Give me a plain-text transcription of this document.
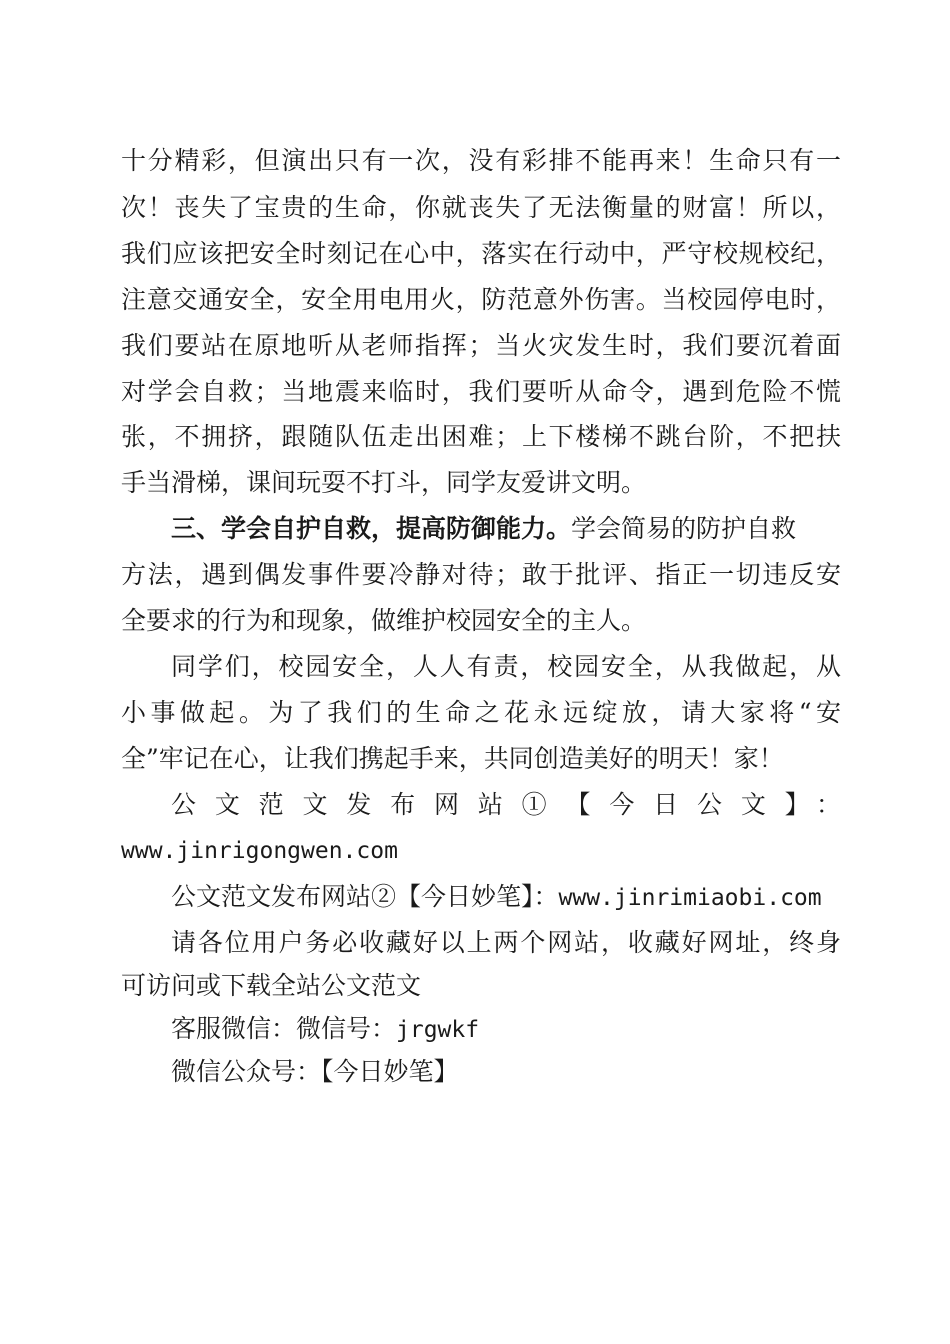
十分精彩，但演出只有一次，没有彩排不能再来！生命只有一
次！丧失了宝贵的生命，你就丧失了无法衡量的财富！所以，
我们应该把安全时刻记在心中，落实在行动中，严守校规校纪，
注意交通安全，安全用电用火，防范意外伤害。当校园停电时，
我们要站在原地听从老师指挥；当火灾发生时，我们要沉着面
对学会自救；当地震来临时，我们要听从命令，遇到危险不慌
张，不拥挤，跟随队伍走出困难；上下楼梯不跳台阶，不把扶
手当滑梯，课间玩耍不打斗，同学友爱讲文明。
三、学会自护自救，提高防御能力。学会简易的防护自救
方法，遇到偶发事件要冷静对待；敢于批评、指正一切违反安
全要求的行为和现象，做维护校园安全的主人。
同学们，校园安全，人人有责，校园安全，从我做起，从
小事做起。为了我们的生命之花永远绽放，请大家将“安
全”牢记在心，让我们携起手来，共同创造美好的明天！家！
公文范文发布网站①【今日公文】：
www.jinrigongwen.com
公文范文发布网站②【今日妙笔】：www.jinrimiaobi.com
请各位用户务必收藏好以上两个网站，收藏好网址，终身
可访问或下载全站公文范文
客服微信：微信号：jrgwkf
微信公众号：【今日妙笔】
